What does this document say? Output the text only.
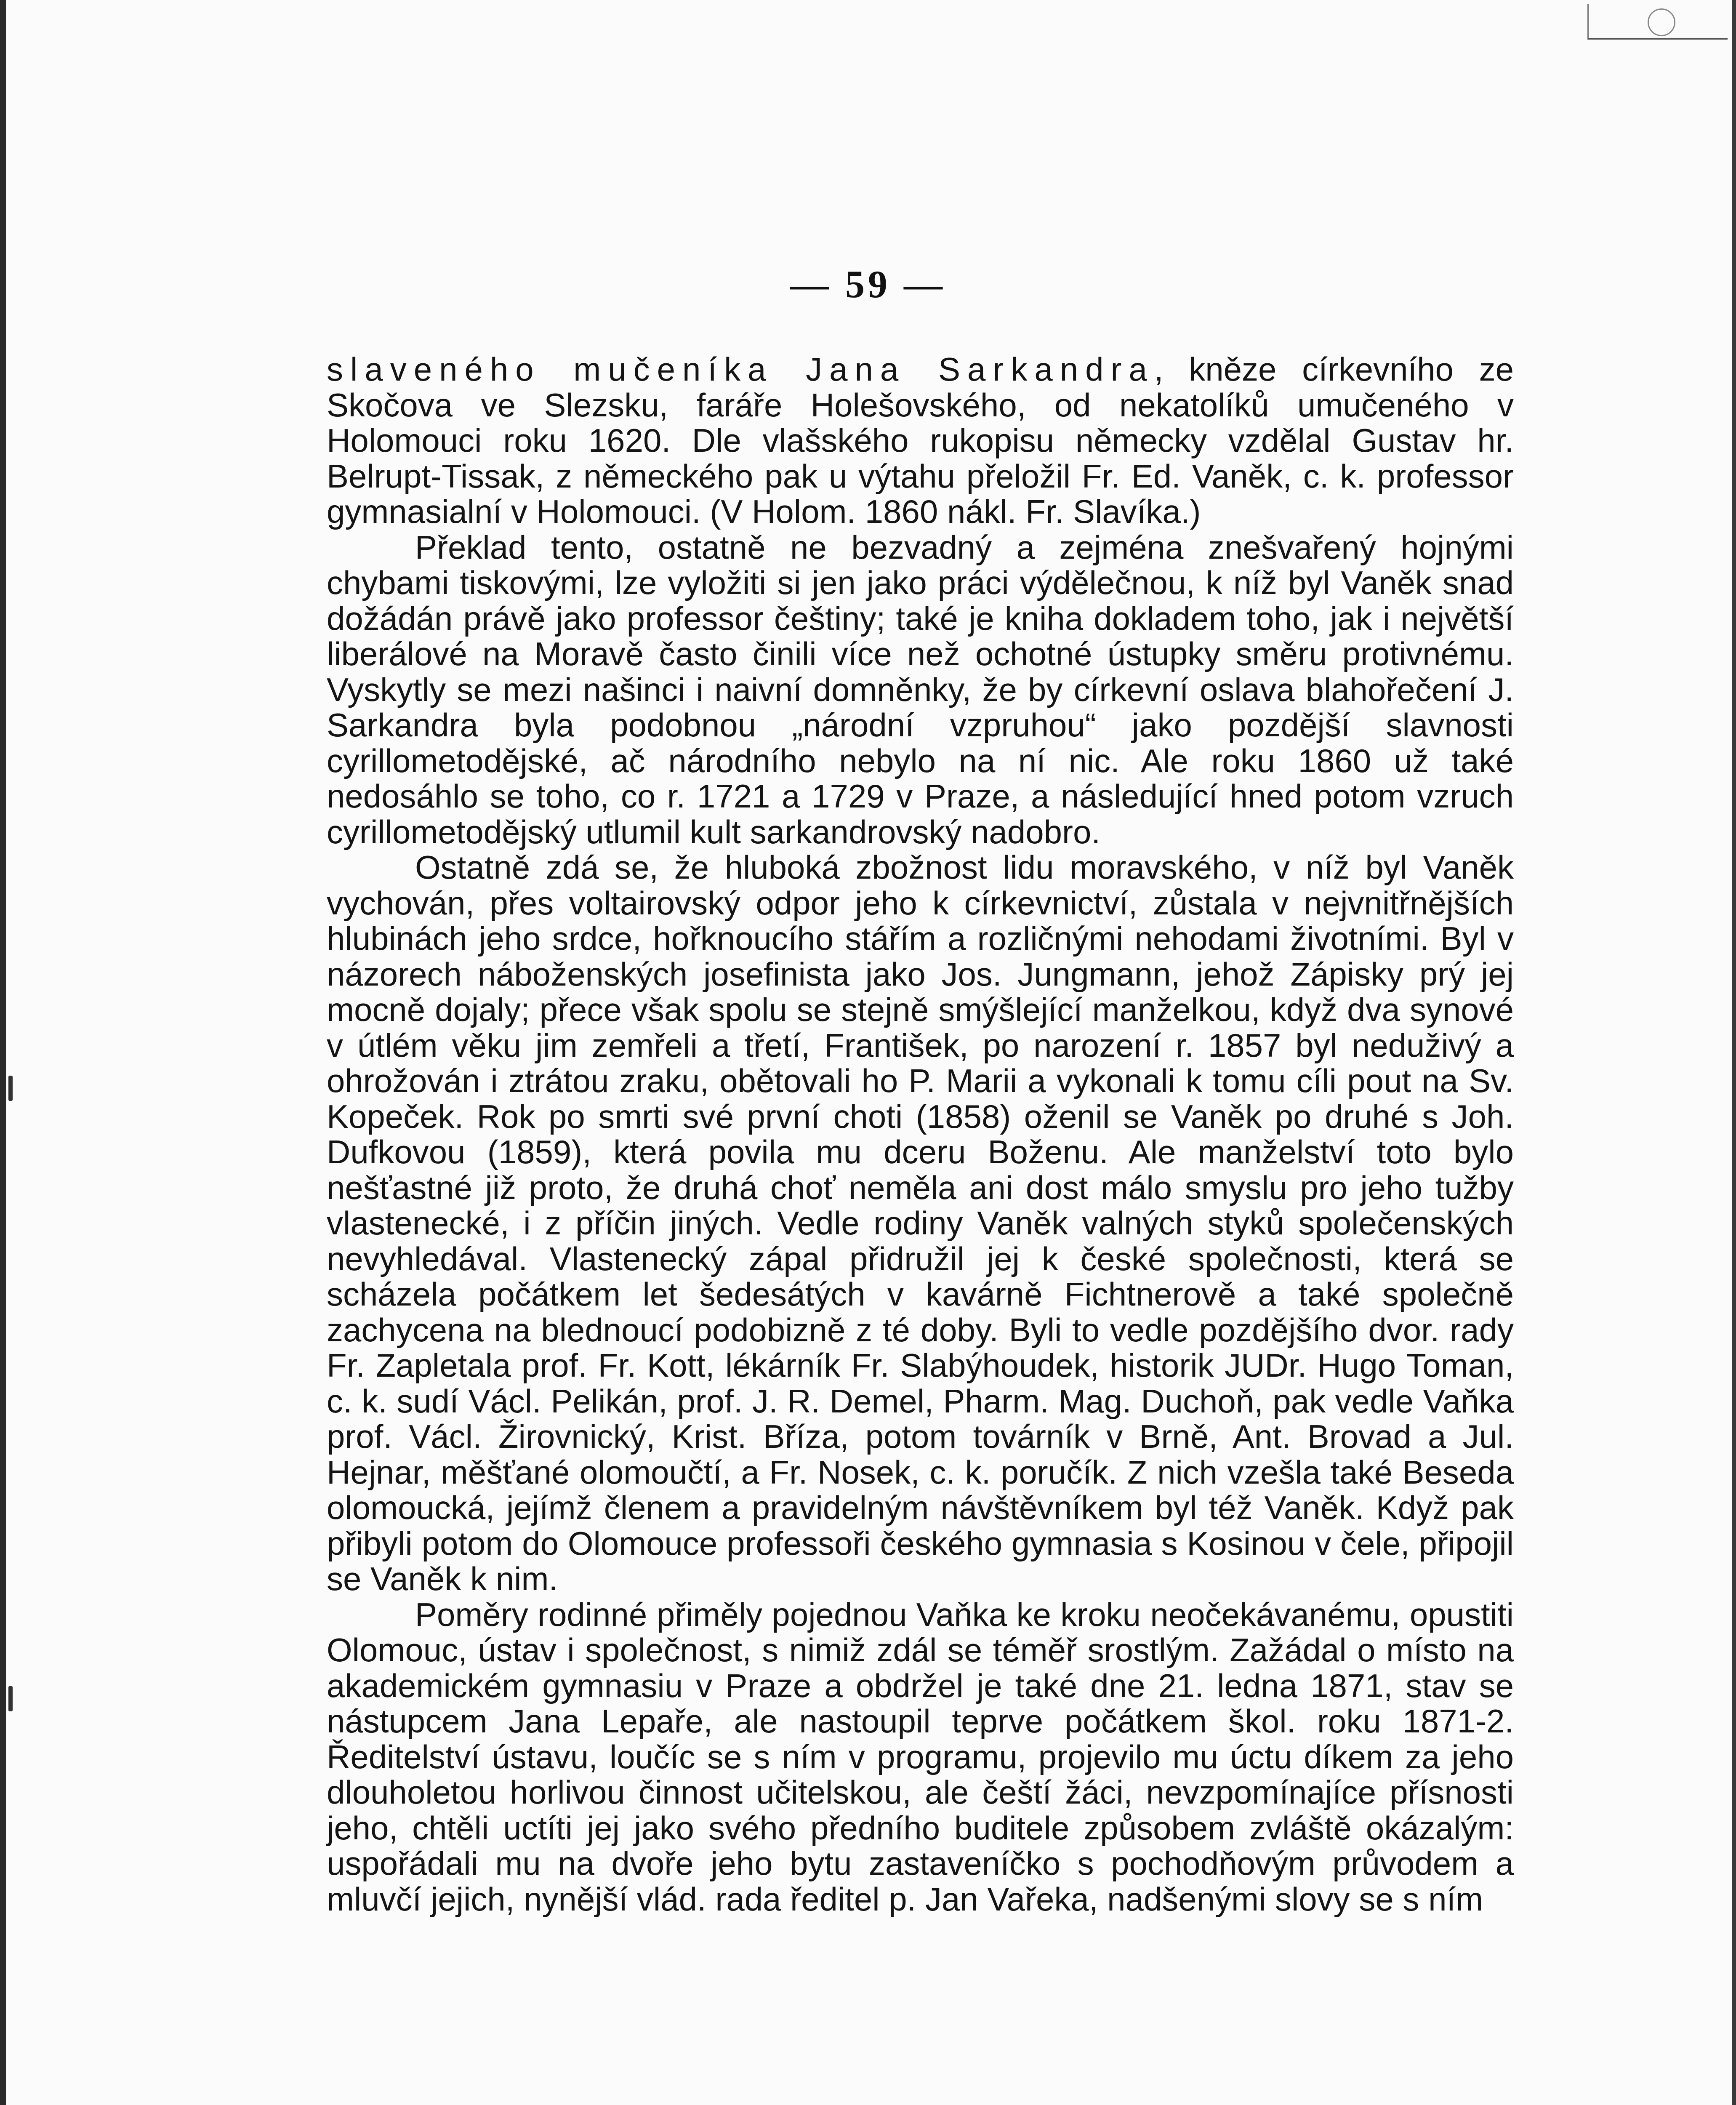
— 59 —

slaveného mučeníka Jana Sarkandra, kněze církevního ze Skočova ve Slezsku, faráře Holešovského, od nekatolíků umučeného v Holomouci roku 1620. Dle vlašského rukopisu německy vzdělal Gustav hr. Belrupt-Tissak, z německého pak u výtahu přeložil Fr. Ed. Vaněk, c. k. professor gymnasialní v Holomouci. (V Holom. 1860 nákl. Fr. Slavíka.)

Překlad tento, ostatně ne bezvadný a zejména znešvařený hojnými chybami tiskovými, lze vyložiti si jen jako práci výdělečnou, k níž byl Vaněk snad dožádán právě jako professor češtiny; také je kniha dokladem toho, jak i největší liberálové na Moravě často činili více než ochotné ústupky směru protivnému. Vyskytly se mezi našinci i naivní domněnky, že by církevní oslava blahořečení J. Sarkandra byla podobnou „národní vzpruhou“ jako pozdější slavnosti cyrillometodějské, ač národního nebylo na ní nic. Ale roku 1860 už také nedosáhlo se toho, co r. 1721 a 1729 v Praze, a následující hned potom vzruch cyrillometodějský utlumil kult sarkandrovský nadobro.

Ostatně zdá se, že hluboká zbožnost lidu moravského, v níž byl Vaněk vychován, přes voltairovský odpor jeho k církevnictví, zůstala v nejvnitřnějších hlubinách jeho srdce, hořknoucího stářím a rozličnými nehodami životními. Byl v názorech náboženských josefinista jako Jos. Jungmann, jehož Zápisky prý jej mocně dojaly; přece však spolu se stejně smýšlející manželkou, když dva synové v útlém věku jim zemřeli a třetí, František, po narození r. 1857 byl neduživý a ohrožován i ztrátou zraku, obětovali ho P. Marii a vykonali k tomu cíli pout na Sv. Kopeček. Rok po smrti své první choti (1858) oženil se Vaněk po druhé s Joh. Dufkovou (1859), která povila mu dceru Boženu. Ale manželství toto bylo nešťastné již proto, že druhá choť neměla ani dost málo smyslu pro jeho tužby vlastenecké, i z příčin jiných. Vedle rodiny Vaněk valných styků společenských nevyhledával. Vlastenecký zápal přidružil jej k české společnosti, která se scházela počátkem let šedesátých v kavárně Fichtnerově a také společně zachycena na blednoucí podobizně z té doby. Byli to vedle pozdějšího dvor. rady Fr. Zapletala prof. Fr. Kott, lékárník Fr. Slabýhoudek, historik JUDr. Hugo Toman, c. k. sudí Václ. Pelikán, prof. J. R. Demel, Pharm. Mag. Duchoň, pak vedle Vaňka prof. Václ. Žirovnický, Krist. Bříza, potom továrník v Brně, Ant. Brovad a Jul. Hejnar, měšťané olomoučtí, a Fr. Nosek, c. k. poručík. Z nich vzešla také Beseda olomoucká, jejímž členem a pravidelným návštěvníkem byl též Vaněk. Když pak přibyli potom do Olomouce professoři českého gymnasia s Kosinou v čele, připojil se Vaněk k nim.

Poměry rodinné přiměly pojednou Vaňka ke kroku neočekávanému, opustiti Olomouc, ústav i společnost, s nimiž zdál se téměř srostlým. Zažádal o místo na akademickém gymnasiu v Praze a obdržel je také dne 21. ledna 1871, stav se nástupcem Jana Lepaře, ale nastoupil teprve počátkem škol. roku 1871-2. Ředitelství ústavu, loučíc se s ním v programu, projevilo mu úctu díkem za jeho dlouholetou horlivou činnost učitelskou, ale čeští žáci, nevzpomínajíce přísnosti jeho, chtěli uctíti jej jako svého předního buditele způsobem zvláště okázalým: uspořádali mu na dvoře jeho bytu zastaveníčko s pochodňovým průvodem a mluvčí jejich, nynější vlád. rada ředitel p. Jan Vařeka, nadšenými slovy se s ním
